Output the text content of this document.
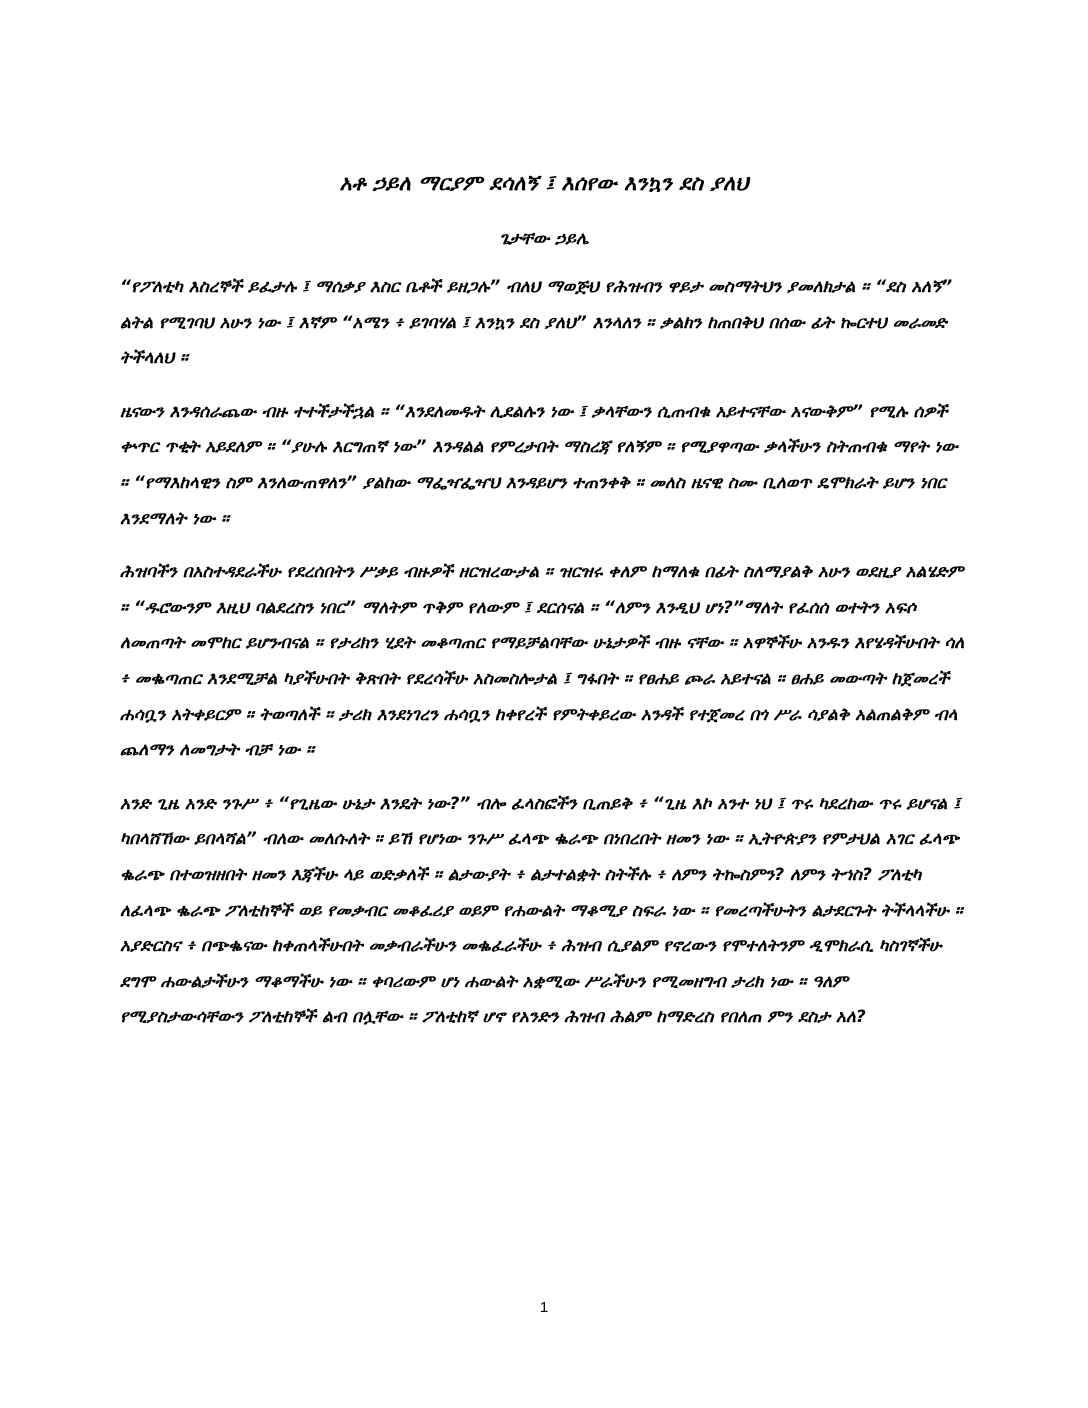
አቶ ኃይለ ማርያም ደሳለኝ ፤ እሰየው እንኳን ደስ ያለህ
ጌታቸው ኃይሌ

“የፖለቲካ እስረኞች ይፈታሉ ፤ ማሰቃያ እስር ቤቶች ይዘጋሉ” ብለህ ማወጅህ የሕዝብን ዋይታ መስማትህን ያመለክታል ። “ደስ አለኝ” ልትል የሚገባህ አሁን ነው ፤ እኛም “አሜን ፥ ይገባሃል ፤ እንኳን ደስ ያለህ” እንላለን ። ቃልክን ከጠበቅህ በሰው ፊት ኰርተህ መራመድ ትችላለህ ።

ዜናውን እንዳሰራጨው ብዙ ተተችታችኋል ። “እንደለመዱት ሊደልሉን ነው ፤ ቃላቸውን ሲጠብቁ አይተናቸው አናውቅም” የሚሉ ሰዎች ቍጥር ጥቂት አይደለም ። “ያሁሉ እርግጠኛ ነው” እንዳልል የምረታበት ማስረጃ የለኝም ። የሚያዋጣው ቃላችሁን ስትጠብቁ ማየት ነው ። “የማእከላዊን ስም እንለውጠዋለን” ያልከው ማፌዣፌዣህ እንዳይሆን ተጠንቀቅ ። መለስ ዜናዊ ስሙ ቢለወጥ ዴሞክራት ይሆን ነበር እንደማለት ነው ።

ሕዝባችን በአስተዳደራችሁ የደረሰበትን ሥቃይ ብዙዎች ዘርዝረውታል ። ዝርዝሩ ቀለም ከማለቁ በፊት ስለማያልቅ አሁን ወደዚያ አልሄድም ። “ዱሮውንም እዚህ ባልደረስን ነበር” ማለትም ጥቅም የለውም ፤ ደርሰናል ። “ለምን እንዲህ ሆነ?”ማለት የፈሰሰ ወተትን አፍሶ ለመጠጣት መሞከር ይሆንብናል ። የታሪክን ሂደት መቆጣጠር የማይቻልባቸው ሁኔታዎች ብዙ ናቸው ። አዋኞችሁ አንዱን እየሄዳችሁበት ሳለ ፥ መቈጣጠር እንደሚቻል ካያችሁበት ቅጽበት የደረሳችሁ አስመስሎታል ፤ ግፋበት ። የፀሐይ ጮራ አይተናል ። ፀሐይ መውጣት ከጀመረች ሐሳቧን አትቀይርም ። ትወጣለች ። ታሪክ እንደነገረን ሐሳቧን ከቀየረች የምትቀይረው አንዳች የተጀመረ በጎ ሥራ ሳያልቅ አልጠልቅም ብላ ጨለማን ለመግታት ብቻ ነው ።

አንድ ጊዜ አንድ ንጉሥ ፥ “የጊዜው ሁኔታ እንዴት ነው?” ብሎ ፈላስፎችን ቢጠይቅ ፥ “ጊዜ እኮ አንተ ነህ ፤ ጥሩ ካደረከው ጥሩ ይሆናል ፤ ካበላሸኸው ይበላሻል” ብለው መለሱለት ። ይኸ የሆነው ንጉሥ ፈላጭ ቈራጭ በነበረበት ዘመን ነው ። ኢትዮጵያን የምታህል አገር ፈላጭ ቈራጭ በተወዝዘበት ዘመን እጃችሁ ላይ ወድቃለች ። ልታውያት ፥ ልታተልቋት ስትችሉ ፥ ለምን ትኰስምን? ለምን ትኀስ? ፖለቲካ ለፈላጭ ቈራጭ ፖለቲከኞች ወይ የመቃብር መቆፈሪያ ወይም የሐውልት ማቆሚያ ስፍራ ነው ። የመረጣችሁትን ልታደርጉት ትችላላችሁ ። አያድርስና ፥ በጭቈናው ከቀጠላችሁበት መቃብራችሁን መቈፈራችሁ ፥ ሕዝብ ሲያልም የኖረውን የሞተለትንም ዲሞክራሲ ካስገኛችሁ ደግሞ ሐውልታችሁን ማቆማችሁ ነው ። ቀባሪውም ሆነ ሐውልት አቋሚው ሥራችሁን የሚመዘግብ ታሪክ ነው ። ዓለም የሚያስታውሳቸውን ፖለቲከኞች ልብ በሏቸው ። ፖለቲከኛ ሆኖ የአንድን ሕዝብ ሕልም ከማድረስ የበለጠ ምን ደስታ አለ?

1
